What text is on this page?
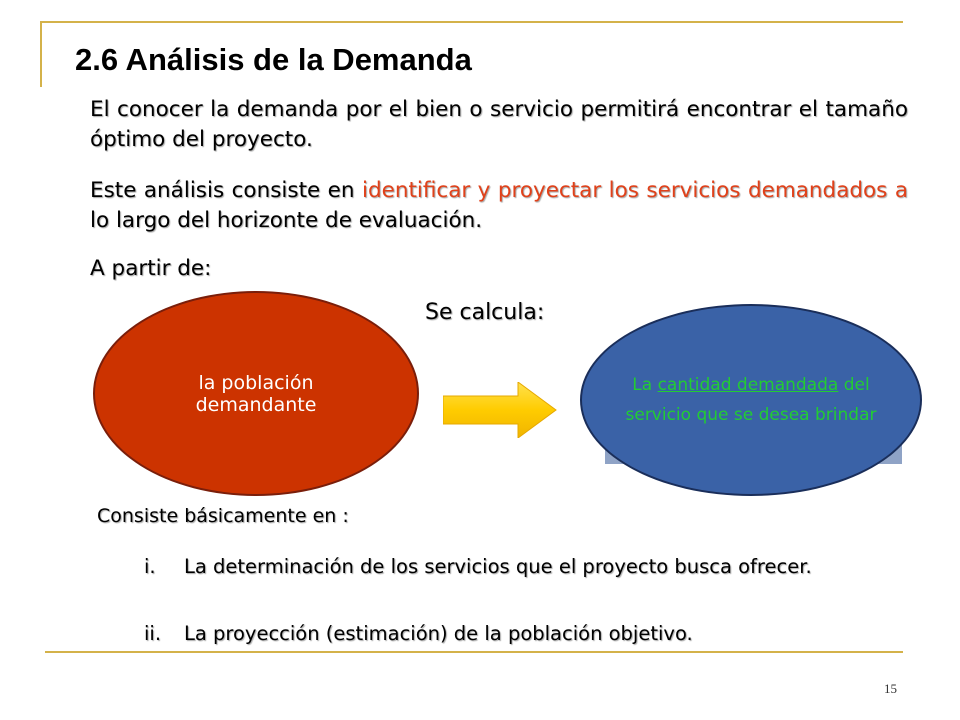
2.6 Análisis de la Demanda
El conocer la demanda por el bien o servicio permitirá encontrar el tamaño óptimo del proyecto.
Este análisis consiste en identificar y proyectar los servicios demandados a lo largo del horizonte de evaluación.
A partir de:
Se calcula:
la población
demandante
La cantidad demandada del servicio que se desea brindar
Consiste básicamente en :
i. La determinación de los servicios que el proyecto busca ofrecer.
ii. La proyección (estimación) de la población objetivo.
15
